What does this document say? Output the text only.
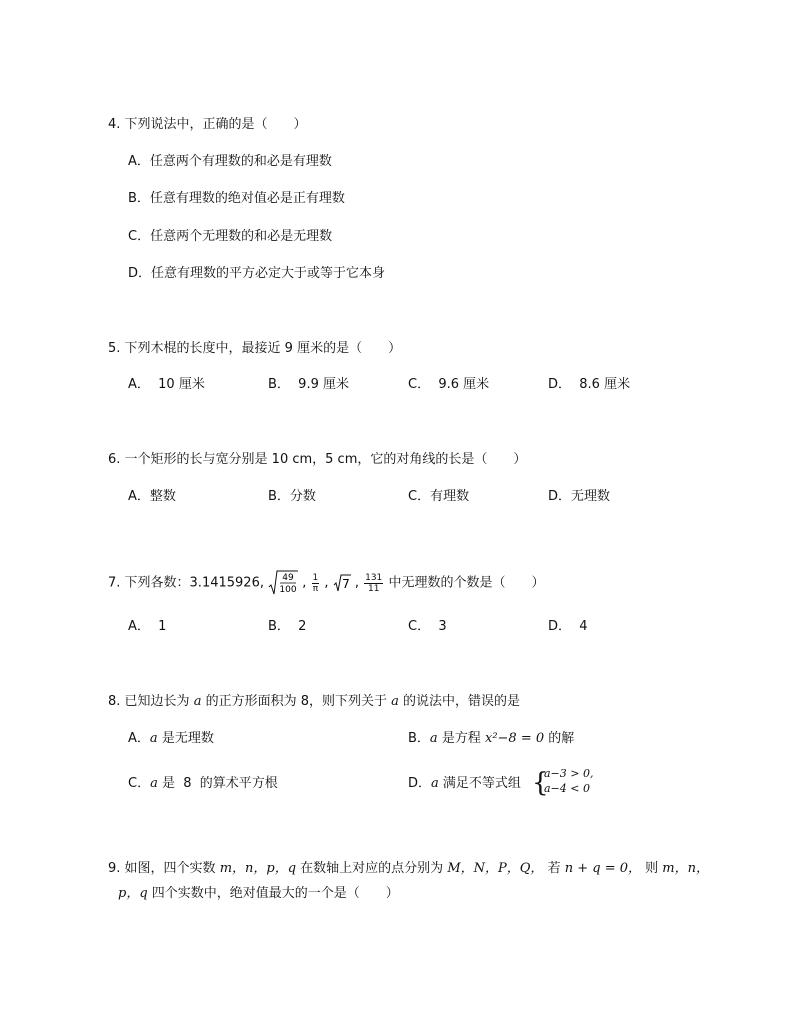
4. 下列说法中，正确的是（　　）
A．任意两个有理数的和必是有理数
B．任意有理数的绝对值必是正有理数
C．任意两个无理数的和必是无理数
D．任意有理数的平方必定大于或等于它本身
5. 下列木棍的长度中，最接近 9 厘米的是（　　）
A．  10 厘米	B．  9.9 厘米	C．  9.6 厘米	D．  8.6 厘米
6. 一个矩形的长与宽分别是 10 cm，5 cm，它的对角线的长是（　　）
A．整数	B．分数	C．有理数	D．无理数
7. 下列各数：3.1415926, 49
100 , $\frac{1}{\pi}$ , 7 , $\frac{131}{11}$ 中无理数的个数是（　　）
A．  1	B．  2	C．  3	D．  4
8. 已知边长为 a 的正方形面积为 8，则下列关于 a 的说法中，错误的是
A．a 是无理数	B．a 是方程 x²−8 = 0 的解
C．a 是  8  的算术平方根	D．a 满足不等式组 {
a−3 > 0,
a−4 < 0
9. 如图，四个实数 m，n，p，q 在数轴上对应的点分别为 M，N，P，Q， 若 n + q = 0， 则 m，n，
p，q 四个实数中，绝对值最大的一个是（　　）
